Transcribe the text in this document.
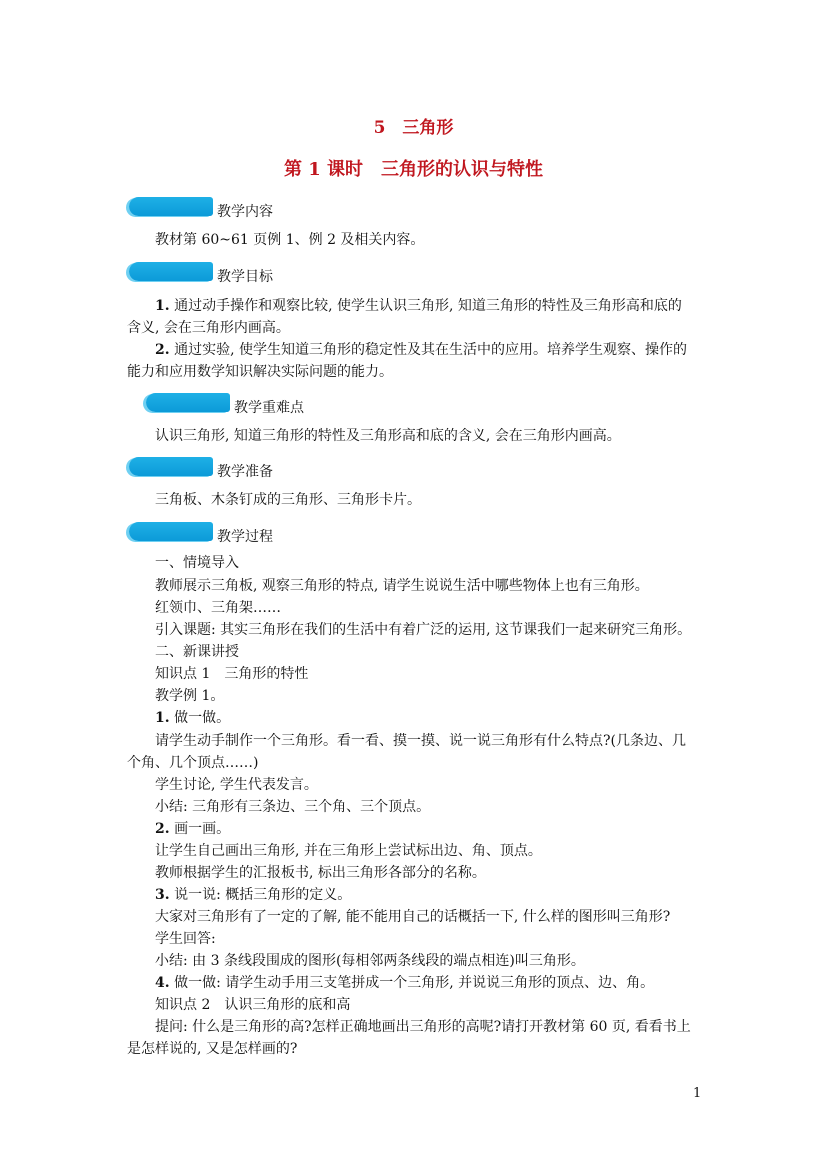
5　三角形
第 1 课时　三角形的认识与特性
教学内容
教材第 60~61 页例 1、例 2 及相关内容。
教学目标
1. 通过动手操作和观察比较, 使学生认识三角形, 知道三角形的特性及三角形高和底的
含义, 会在三角形内画高。
2. 通过实验, 使学生知道三角形的稳定性及其在生活中的应用。培养学生观察、操作的
能力和应用数学知识解决实际问题的能力。
教学重难点
认识三角形, 知道三角形的特性及三角形高和底的含义, 会在三角形内画高。
教学准备
三角板、木条钉成的三角形、三角形卡片。
教学过程
一、情境导入
教师展示三角板, 观察三角形的特点, 请学生说说生活中哪些物体上也有三角形。
红领巾、三角架……
引入课题: 其实三角形在我们的生活中有着广泛的运用, 这节课我们一起来研究三角形。
二、新课讲授
知识点 1　三角形的特性
教学例 1。
1. 做一做。
请学生动手制作一个三角形。看一看、摸一摸、说一说三角形有什么特点?(几条边、几
个角、几个顶点……)
学生讨论, 学生代表发言。
小结: 三角形有三条边、三个角、三个顶点。
2. 画一画。
让学生自己画出三角形, 并在三角形上尝试标出边、角、顶点。
教师根据学生的汇报板书, 标出三角形各部分的名称。
3. 说一说: 概括三角形的定义。
大家对三角形有了一定的了解, 能不能用自己的话概括一下, 什么样的图形叫三角形?
学生回答:
小结: 由 3 条线段围成的图形(每相邻两条线段的端点相连)叫三角形。
4. 做一做: 请学生动手用三支笔拼成一个三角形, 并说说三角形的顶点、边、角。
知识点 2　认识三角形的底和高
提问: 什么是三角形的高?怎样正确地画出三角形的高呢?请打开教材第 60 页, 看看书上
是怎样说的, 又是怎样画的?
1
